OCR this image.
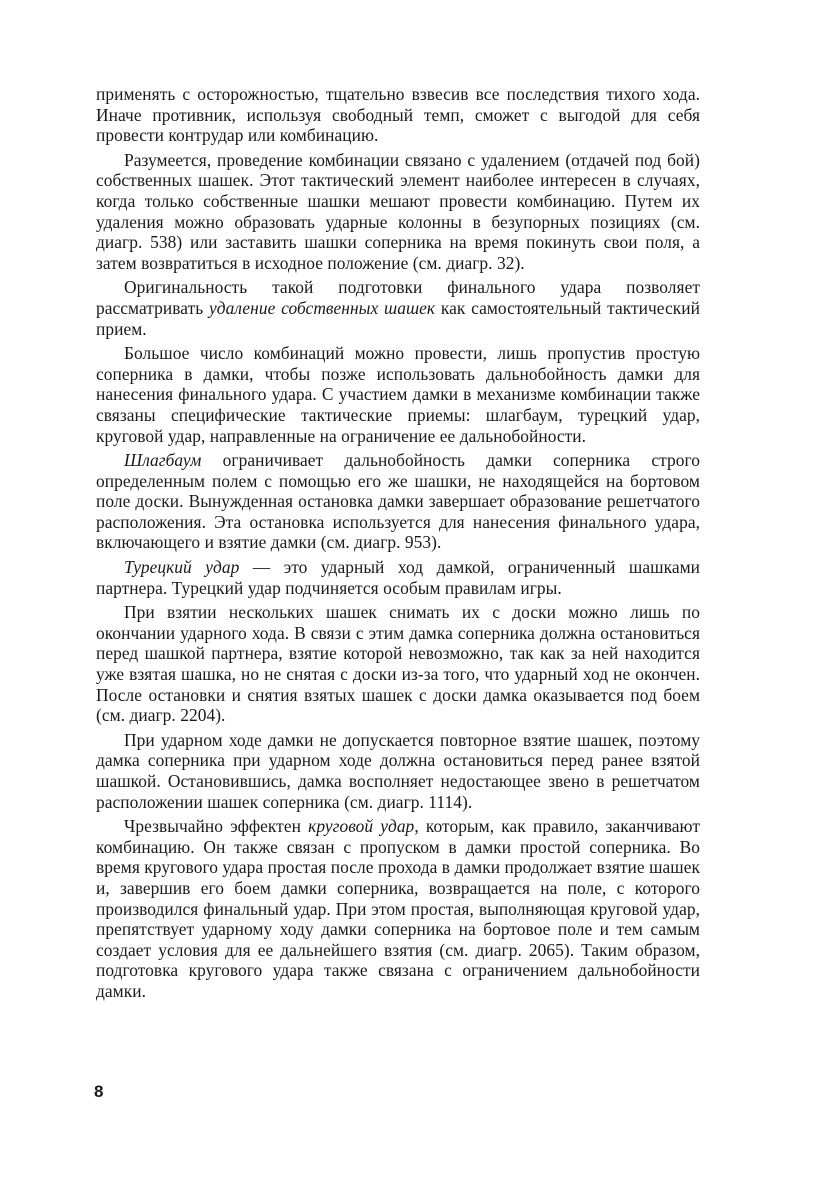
применять с осторожностью, тщательно взвесив все последствия тихого хода. Иначе противник, используя свободный темп, сможет с выгодой для себя провести контрудар или комбинацию.

Разумеется, проведение комбинации связано с удалением (отдачей под бой) собственных шашек. Этот тактический элемент наиболее интересен в случаях, когда только собственные шашки мешают провести комбинацию. Путем их удаления можно образовать ударные колонны в безупорных позициях (см. диагр. 538) или заставить шашки соперника на время покинуть свои поля, а затем возвратиться в исходное положение (см. диагр. 32).

Оригинальность такой подготовки финального удара позволяет рассматривать удаление собственных шашек как самостоятельный тактический прием.

Большое число комбинаций можно провести, лишь пропустив простую соперника в дамки, чтобы позже использовать дальнобойность дамки для нанесения финального удара. С участием дамки в механизме комбинации также связаны специфические тактические приемы: шлагбаум, турецкий удар, круговой удар, направленные на ограничение ее дальнобойности.

Шлагбаум ограничивает дальнобойность дамки соперника строго определенным полем с помощью его же шашки, не находящейся на бортовом поле доски. Вынужденная остановка дамки завершает образование решетчатого расположения. Эта остановка используется для нанесения финального удара, включающего и взятие дамки (см. диагр. 953).

Турецкий удар — это ударный ход дамкой, ограниченный шашками партнера. Турецкий удар подчиняется особым правилам игры.

При взятии нескольких шашек снимать их с доски можно лишь по окончании ударного хода. В связи с этим дамка соперника должна остановиться перед шашкой партнера, взятие которой невозможно, так как за ней находится уже взятая шашка, но не снятая с доски из-за того, что ударный ход не окончен. После остановки и снятия взятых шашек с доски дамка оказывается под боем (см. диагр. 2204).

При ударном ходе дамки не допускается повторное взятие шашек, поэтому дамка соперника при ударном ходе должна остановиться перед ранее взятой шашкой. Остановившись, дамка восполняет недостающее звено в решетчатом расположении шашек соперника (см. диагр. 1114).

Чрезвычайно эффектен круговой удар, которым, как правило, заканчивают комбинацию. Он также связан с пропуском в дамки простой соперника. Во время кругового удара простая после прохода в дамки продолжает взятие шашек и, завершив его боем дамки соперника, возвращается на поле, с которого производился финальный удар. При этом простая, выполняющая круговой удар, препятствует ударному ходу дамки соперника на бортовое поле и тем самым создает условия для ее дальнейшего взятия (см. диагр. 2065). Таким образом, подготовка кругового удара также связана с ограничением дальнобойности дамки.

8
